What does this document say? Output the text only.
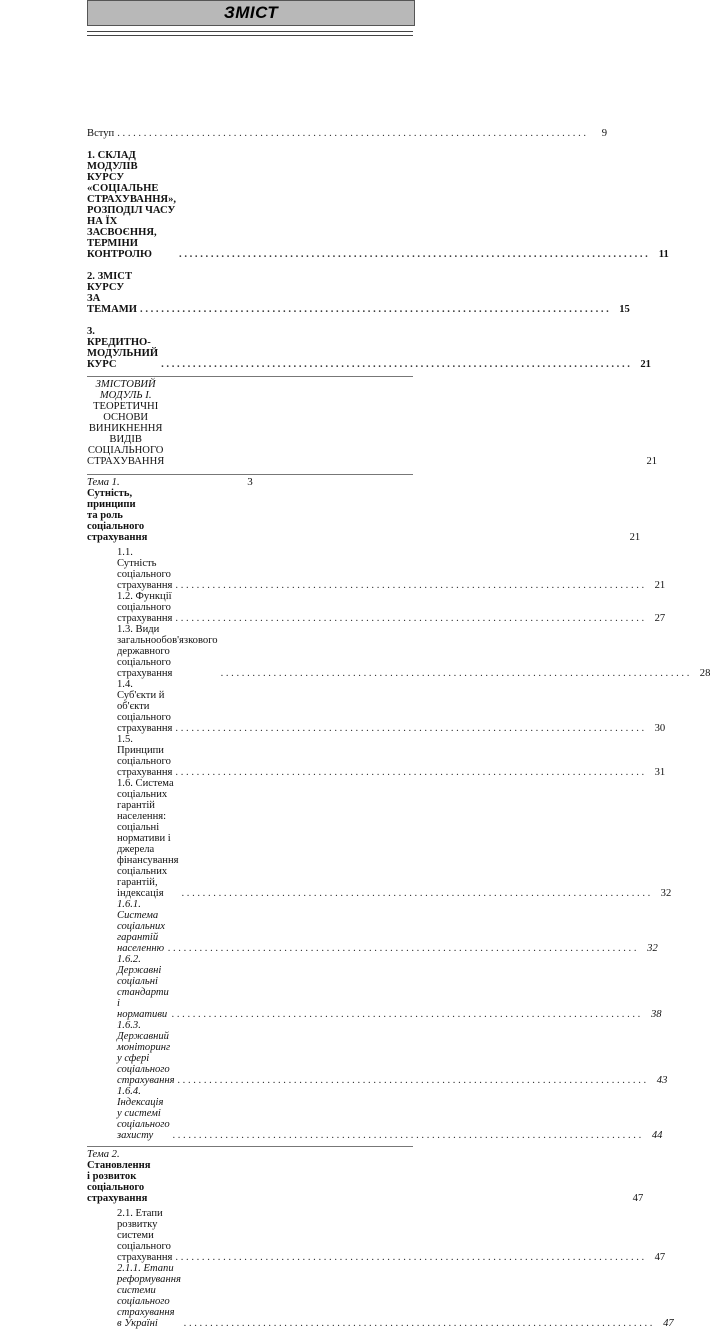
ЗМІСТ
Вступ . . .	9
1. СКЛАД МОДУЛІВ КУРСУ «СОЦІАЛЬНЕ СТРАХУВАННЯ», РОЗПОДІЛ ЧАСУ НА ЇХ ЗАСВОЄННЯ, ТЕРМІНИ КОНТРОЛЮ . . .	11
2. ЗМІСТ КУРСУ ЗА ТЕМАМИ . . .	15
3. КРЕДИТНО-МОДУЛЬНИЙ КУРС . . .	21
ЗМІСТОВИЙ МОДУЛЬ І. ТЕОРЕТИЧНІ ОСНОВИ ВИНИКНЕННЯ ВИДІВ СОЦІАЛЬНОГО СТРАХУВАННЯ	21
Тема 1. Сутність, принципи та роль соціального страхування	21
1.1. Сутність соціального страхування . . .	21
1.2. Функції соціального страхування . . .	27
1.3. Види загальнообов'язкового державного соціального страхування . . .	28
1.4. Суб'єкти й об'єкти соціального страхування . . .	30
1.5. Принципи соціального страхування . . .	31
1.6. Система соціальних гарантій населення: соціальні нормативи і джерела фінансування соціальних гарантій, індексація . . .	32
1.6.1. Система соціальних гарантій населенню . . .	32
1.6.2. Державні соціальні стандарти і нормативи . . .	38
1.6.3. Державний моніторинг у сфері соціального страхування . . .	43
1.6.4. Індексація у системі соціального захисту . . .	44
Тема 2. Становлення і розвиток соціального страхування	47
2.1. Етапи розвитку системи соціального страхування . . .	47
2.1.1. Етапи реформування системи соціального страхування в Україні . . .	47
3
